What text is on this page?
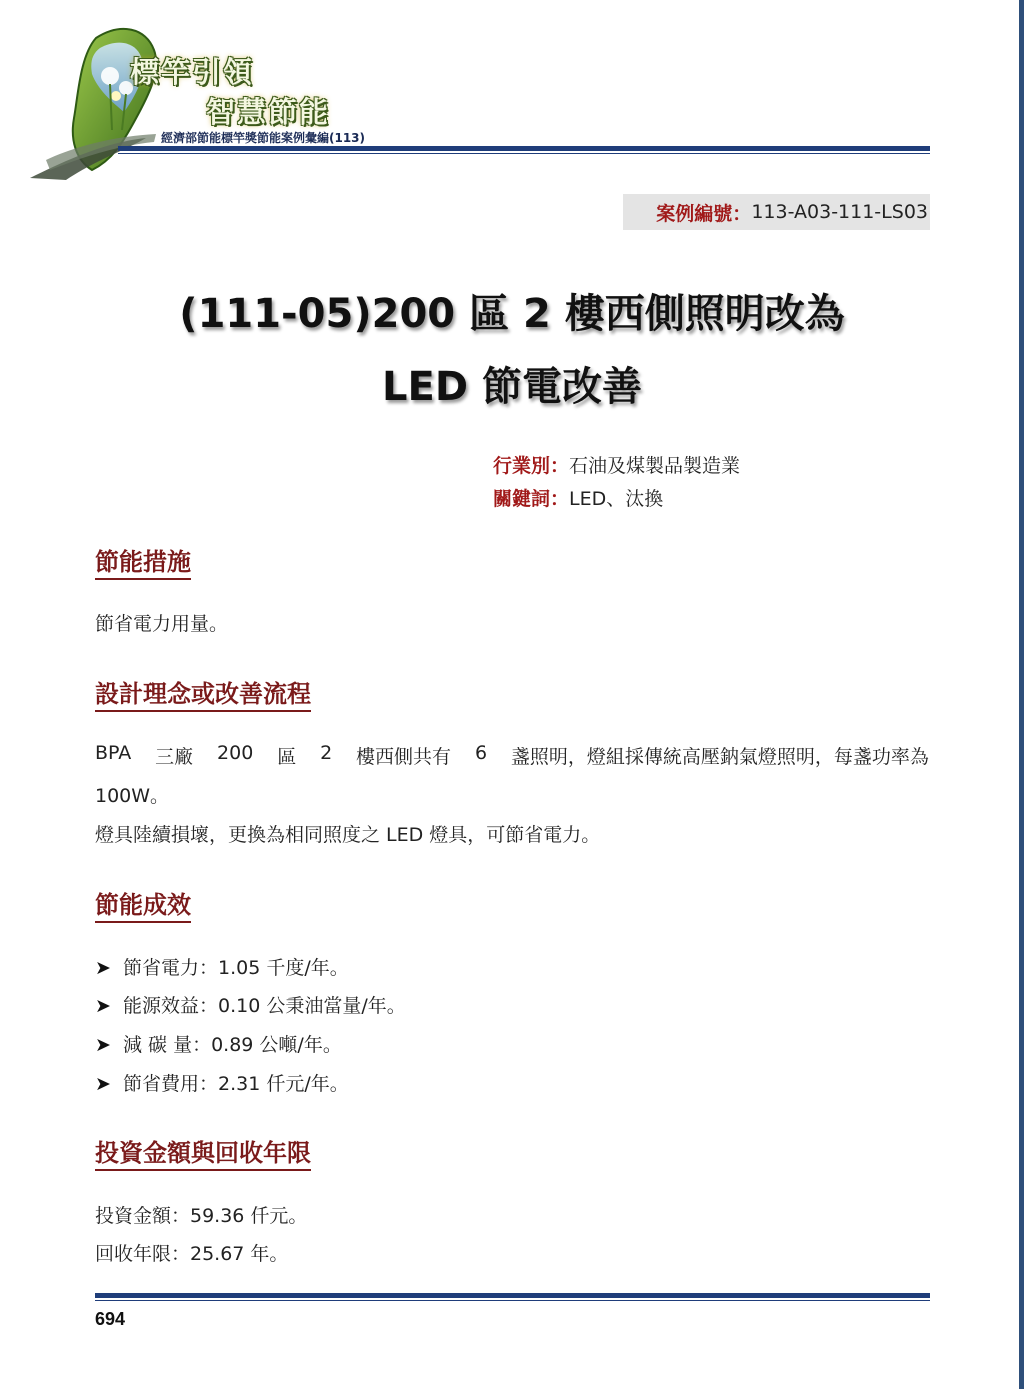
標竿引領
智慧節能
經濟部節能標竿獎節能案例彙編(113)
案例編號： 113-A03-111-LS03
(111-05)200 區 2 樓西側照明改為
LED 節電改善
行業別：石油及煤製品製造業
關鍵詞：LED、汰換
節能措施
節省電力用量。
設計理念或改善流程
BPA 三廠 200 區 2 樓西側共有 6 盞照明，燈組採傳統高壓鈉氣燈照明，每盞功率為
100W。
燈具陸續損壞，更換為相同照度之 LED 燈具，可節省電力。
節能成效
➤ 節省電力：1.05 千度/年。
➤ 能源效益：0.10 公秉油當量/年。
➤ 減 碳 量：0.89 公噸/年。
➤ 節省費用：2.31 仟元/年。
投資金額與回收年限
投資金額：59.36 仟元。
回收年限：25.67 年。
694
